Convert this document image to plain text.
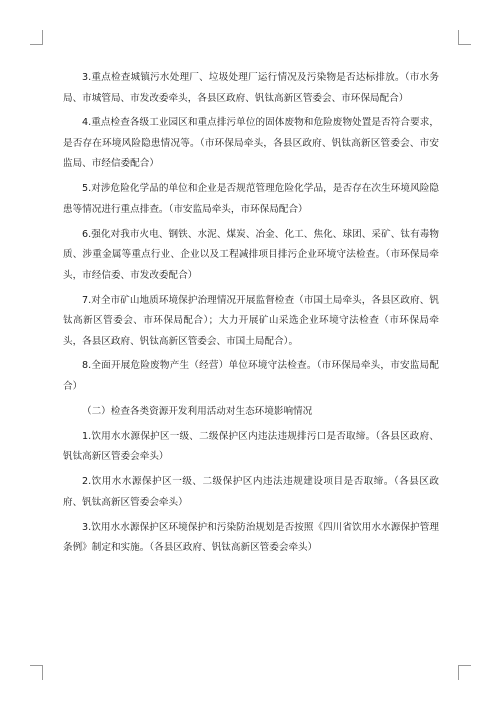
3.重点检查城镇污水处理厂、垃圾处理厂运行情况及污染物是否达标排放。（市水务局、市城管局、市发改委牵头，各县区政府、钒钛高新区管委会、市环保局配合）

4.重点检查各级工业园区和重点排污单位的固体废物和危险废物处置是否符合要求，是否存在环境风险隐患情况等。（市环保局牵头，各县区政府、钒钛高新区管委会、市安监局、市经信委配合）

5.对涉危险化学品的单位和企业是否规范管理危险化学品，是否存在次生环境风险隐患等情况进行重点排查。（市安监局牵头，市环保局配合）

6.强化对我市火电、钢铁、水泥、煤炭、冶金、化工、焦化、球团、采矿、钛有毒物质、涉重金属等重点行业、企业以及工程减排项目排污企业环境守法检查。（市环保局牵头，市经信委、市发改委配合）

7.对全市矿山地质环境保护治理情况开展监督检查（市国土局牵头，各县区政府、钒钛高新区管委会、市环保局配合）；大力开展矿山采选企业环境守法检查（市环保局牵头，各县区政府、钒钛高新区管委会、市国土局配合）。

8.全面开展危险废物产生（经营）单位环境守法检查。（市环保局牵头，市安监局配合）

（二）检查各类资源开发利用活动对生态环境影响情况

1.饮用水水源保护区一级、二级保护区内违法违规排污口是否取缔。（各县区政府、钒钛高新区管委会牵头）

2.饮用水水源保护区一级、二级保护区内违法违规建设项目是否取缔。（各县区政府、钒钛高新区管委会牵头）

3.饮用水水源保护区环境保护和污染防治规划是否按照《四川省饮用水水源保护管理条例》制定和实施。（各县区政府、钒钛高新区管委会牵头）
